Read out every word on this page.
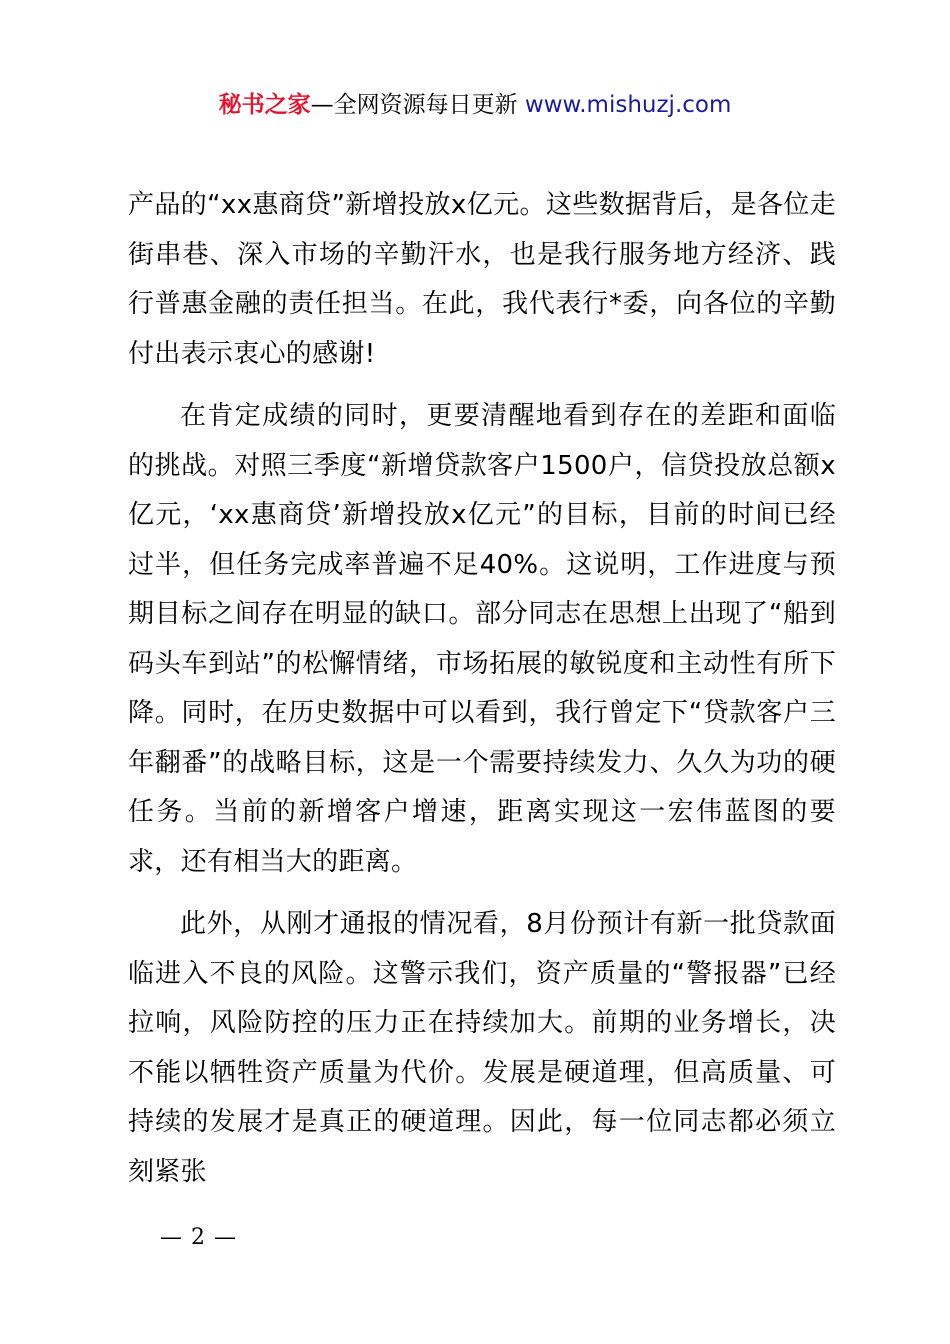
秘书之家—全网资源每日更新 www.mishuzj.com

产品的“xx惠商贷”新增投放x亿元。这些数据背后，是各位走街串巷、深入市场的辛勤汗水，也是我行服务地方经济、践行普惠金融的责任担当。在此，我代表行*委，向各位的辛勤付出表示衷心的感谢!

在肯定成绩的同时，更要清醒地看到存在的差距和面临的挑战。对照三季度“新增贷款客户1500户，信贷投放总额x亿元，‘xx惠商贷’新增投放x亿元”的目标，目前的时间已经过半，但任务完成率普遍不足40%。这说明，工作进度与预期目标之间存在明显的缺口。部分同志在思想上出现了“船到码头车到站”的松懈情绪，市场拓展的敏锐度和主动性有所下降。同时，在历史数据中可以看到，我行曾定下“贷款客户三年翻番”的战略目标，这是一个需要持续发力、久久为功的硬任务。当前的新增客户增速，距离实现这一宏伟蓝图的要求，还有相当大的距离。

此外，从刚才通报的情况看，8月份预计有新一批贷款面临进入不良的风险。这警示我们，资产质量的“警报器”已经拉响，风险防控的压力正在持续加大。前期的业务增长，决不能以牺牲资产质量为代价。发展是硬道理，但高质量、可持续的发展才是真正的硬道理。因此，每一位同志都必须立刻紧张

— 2 —
